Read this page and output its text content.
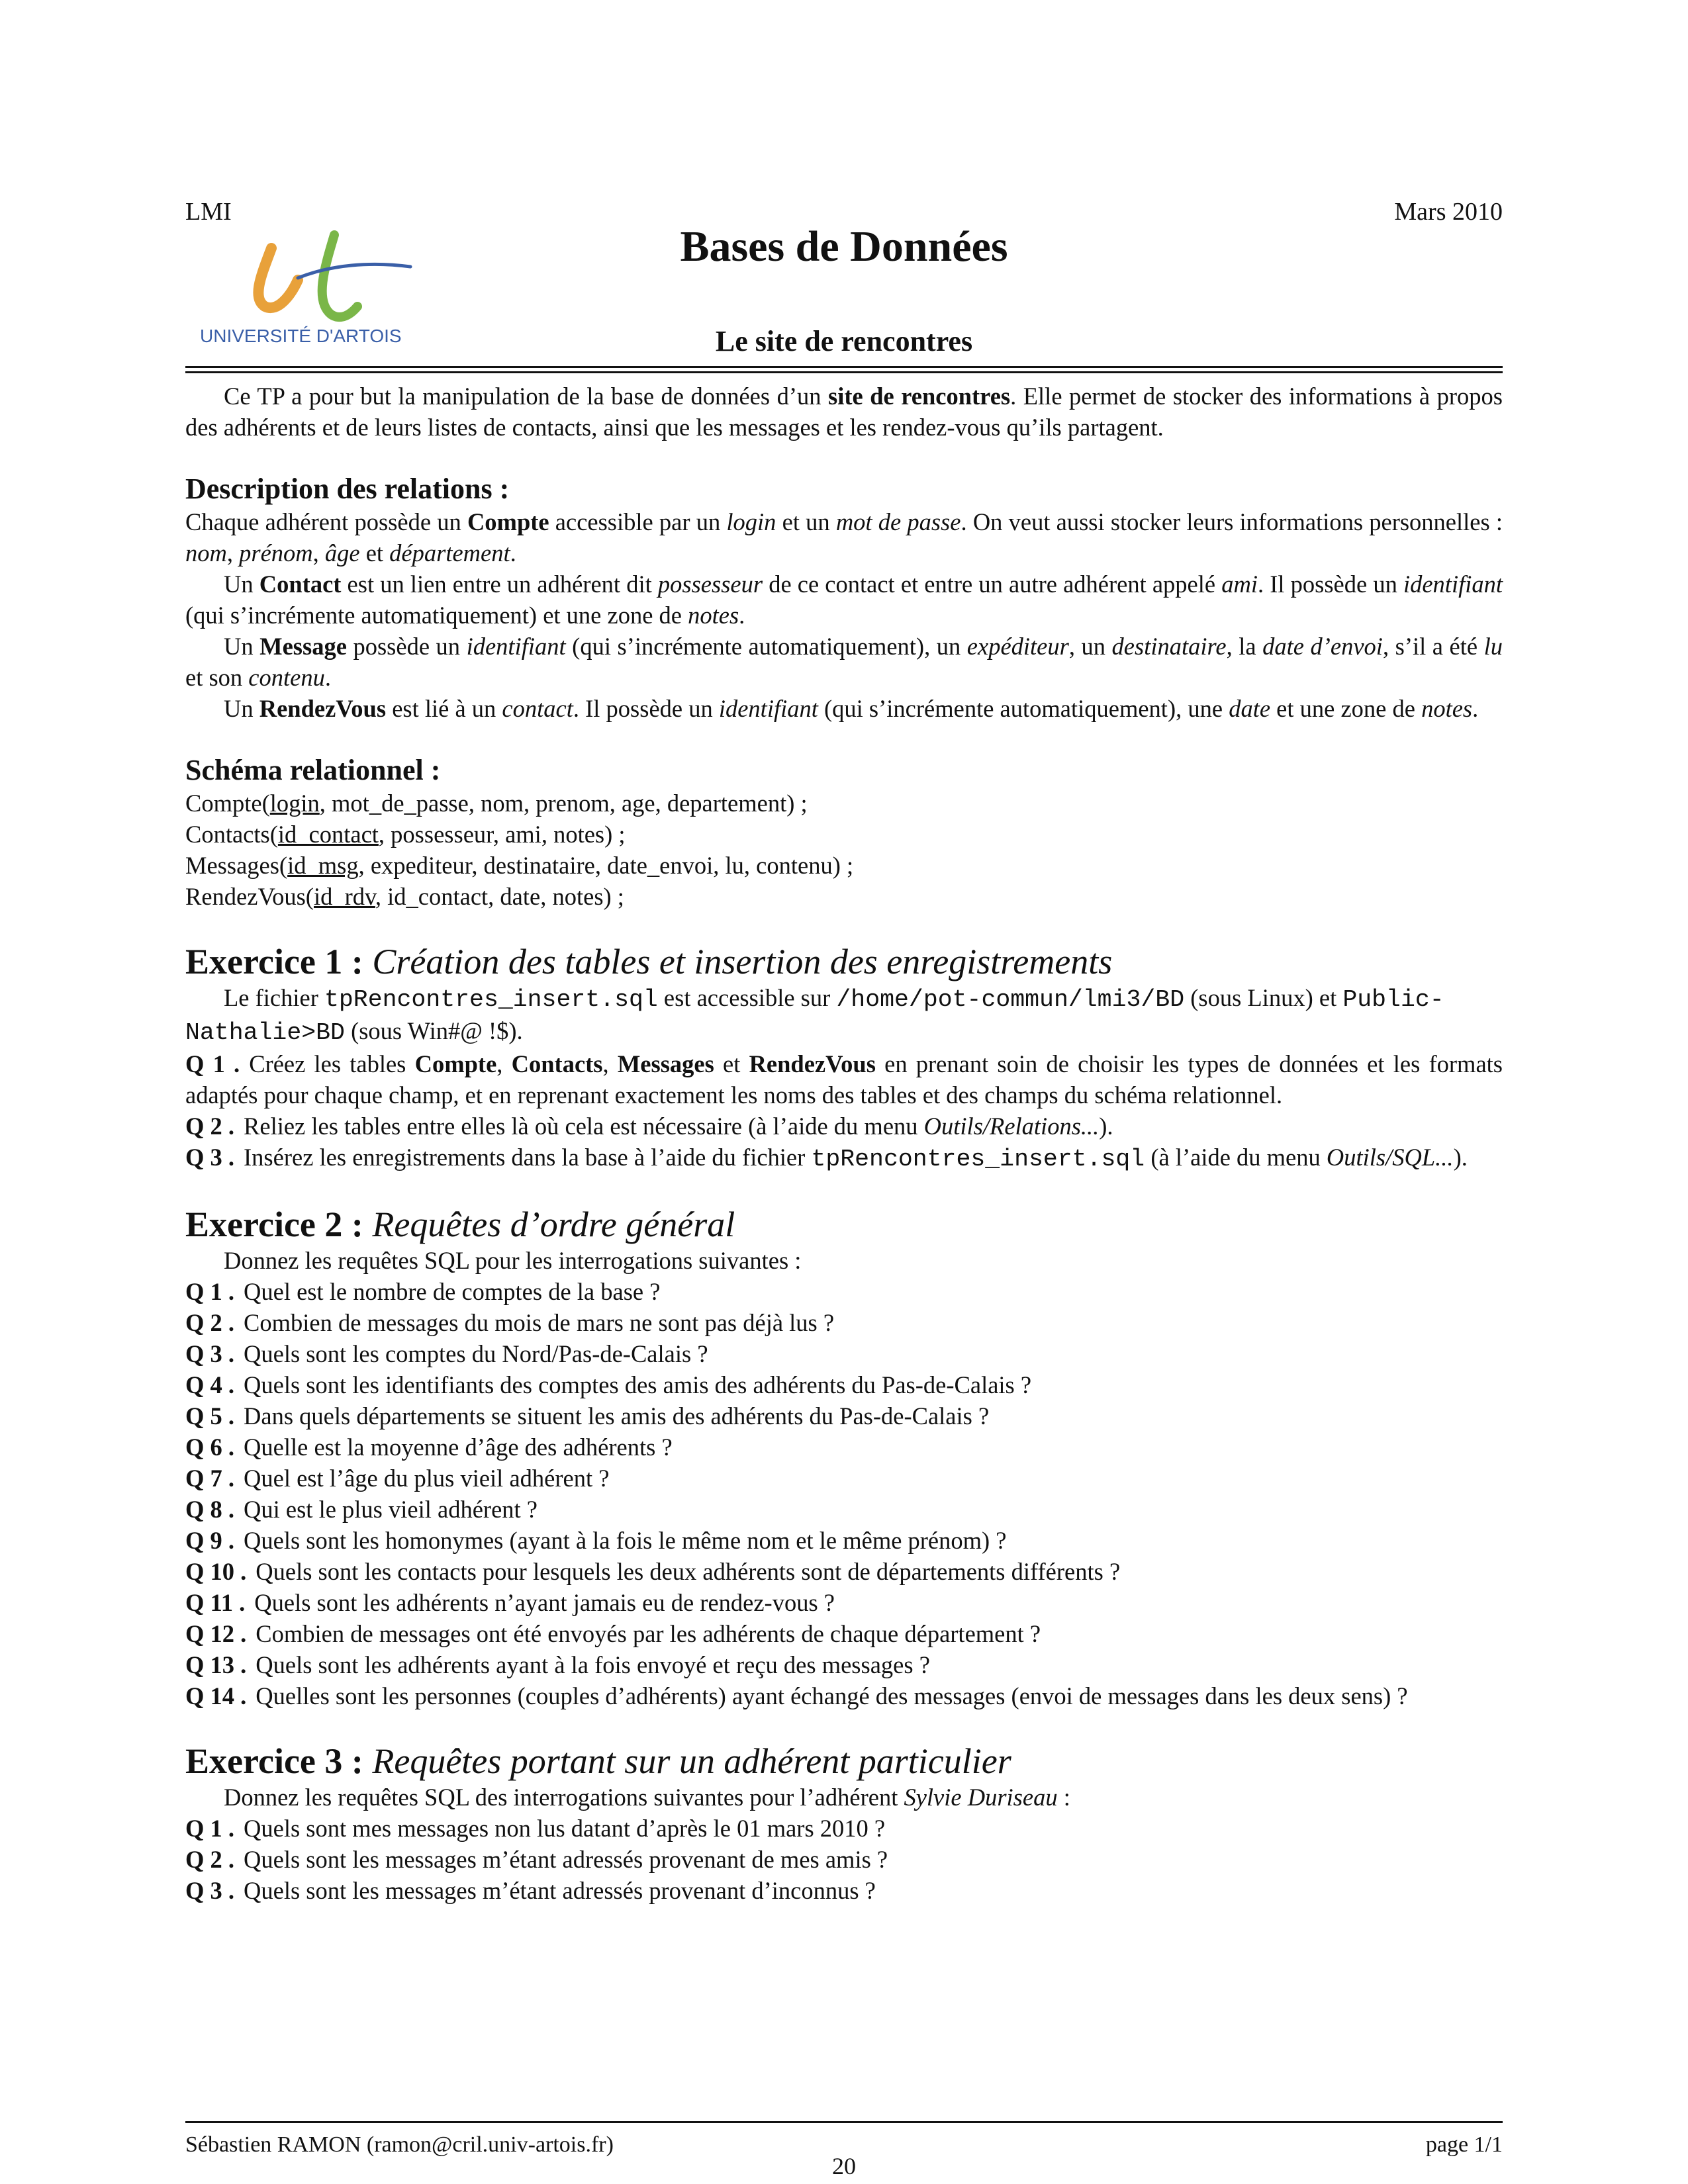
LMI	Mars 2010
Bases de Données
Le site de rencontres
UNIVERSITÉ D'ARTOIS

Ce TP a pour but la manipulation de la base de données d’un site de rencontres. Elle permet de stocker des informations à propos des adhérents et de leurs listes de contacts, ainsi que les messages et les rendez-vous qu’ils partagent.

Description des relations :

Chaque adhérent possède un Compte accessible par un login et un mot de passe. On veut aussi stocker leurs informations personnelles : nom, prénom, âge et département.

Un Contact est un lien entre un adhérent dit possesseur de ce contact et entre un autre adhérent appelé ami. Il possède un identifiant (qui s’incrémente automatiquement) et une zone de notes.

Un Message possède un identifiant (qui s’incrémente automatiquement), un expéditeur, un destinataire, la date d’envoi, s’il a été lu et son contenu.

Un RendezVous est lié à un contact. Il possède un identifiant (qui s’incrémente automatiquement), une date et une zone de notes.

Schéma relationnel :

Compte(login, mot_de_passe, nom, prenom, age, departement) ;

Contacts(id_contact, possesseur, ami, notes) ;

Messages(id_msg, expediteur, destinataire, date_envoi, lu, contenu) ;

RendezVous(id_rdv, id_contact, date, notes) ;

Exercice 1 : Création des tables et insertion des enregistrements

Le fichier tpRencontres_insert.sql est accessible sur /home/pot-commun/lmi3/BD (sous Linux) et Public-Nathalie>BD (sous Win#@ !$).

Q 1 . Créez les tables Compte, Contacts, Messages et RendezVous en prenant soin de choisir les types de données et les formats adaptés pour chaque champ, et en reprenant exactement les noms des tables et des champs du schéma relationnel.

Q 2 . Reliez les tables entre elles là où cela est nécessaire (à l’aide du menu Outils/Relations...).

Q 3 . Insérez les enregistrements dans la base à l’aide du fichier tpRencontres_insert.sql (à l’aide du menu Outils/SQL...).

Exercice 2 : Requêtes d’ordre général

Donnez les requêtes SQL pour les interrogations suivantes :

Q 1 . Quel est le nombre de comptes de la base ?

Q 2 . Combien de messages du mois de mars ne sont pas déjà lus ?

Q 3 . Quels sont les comptes du Nord/Pas-de-Calais ?

Q 4 . Quels sont les identifiants des comptes des amis des adhérents du Pas-de-Calais ?

Q 5 . Dans quels départements se situent les amis des adhérents du Pas-de-Calais ?

Q 6 . Quelle est la moyenne d’âge des adhérents ?

Q 7 . Quel est l’âge du plus vieil adhérent ?

Q 8 . Qui est le plus vieil adhérent ?

Q 9 . Quels sont les homonymes (ayant à la fois le même nom et le même prénom) ?

Q 10 . Quels sont les contacts pour lesquels les deux adhérents sont de départements différents ?

Q 11 . Quels sont les adhérents n’ayant jamais eu de rendez-vous ?

Q 12 . Combien de messages ont été envoyés par les adhérents de chaque département ?

Q 13 . Quels sont les adhérents ayant à la fois envoyé et reçu des messages ?

Q 14 . Quelles sont les personnes (couples d’adhérents) ayant échangé des messages (envoi de messages dans les deux sens) ?

Exercice 3 : Requêtes portant sur un adhérent particulier

Donnez les requêtes SQL des interrogations suivantes pour l’adhérent Sylvie Duriseau :

Q 1 . Quels sont mes messages non lus datant d’après le 01 mars 2010 ?

Q 2 . Quels sont les messages m’étant adressés provenant de mes amis ?

Q 3 . Quels sont les messages m’étant adressés provenant d’inconnus ?

Sébastien RAMON (ramon@cril.univ-artois.fr)
20
page 1/1
